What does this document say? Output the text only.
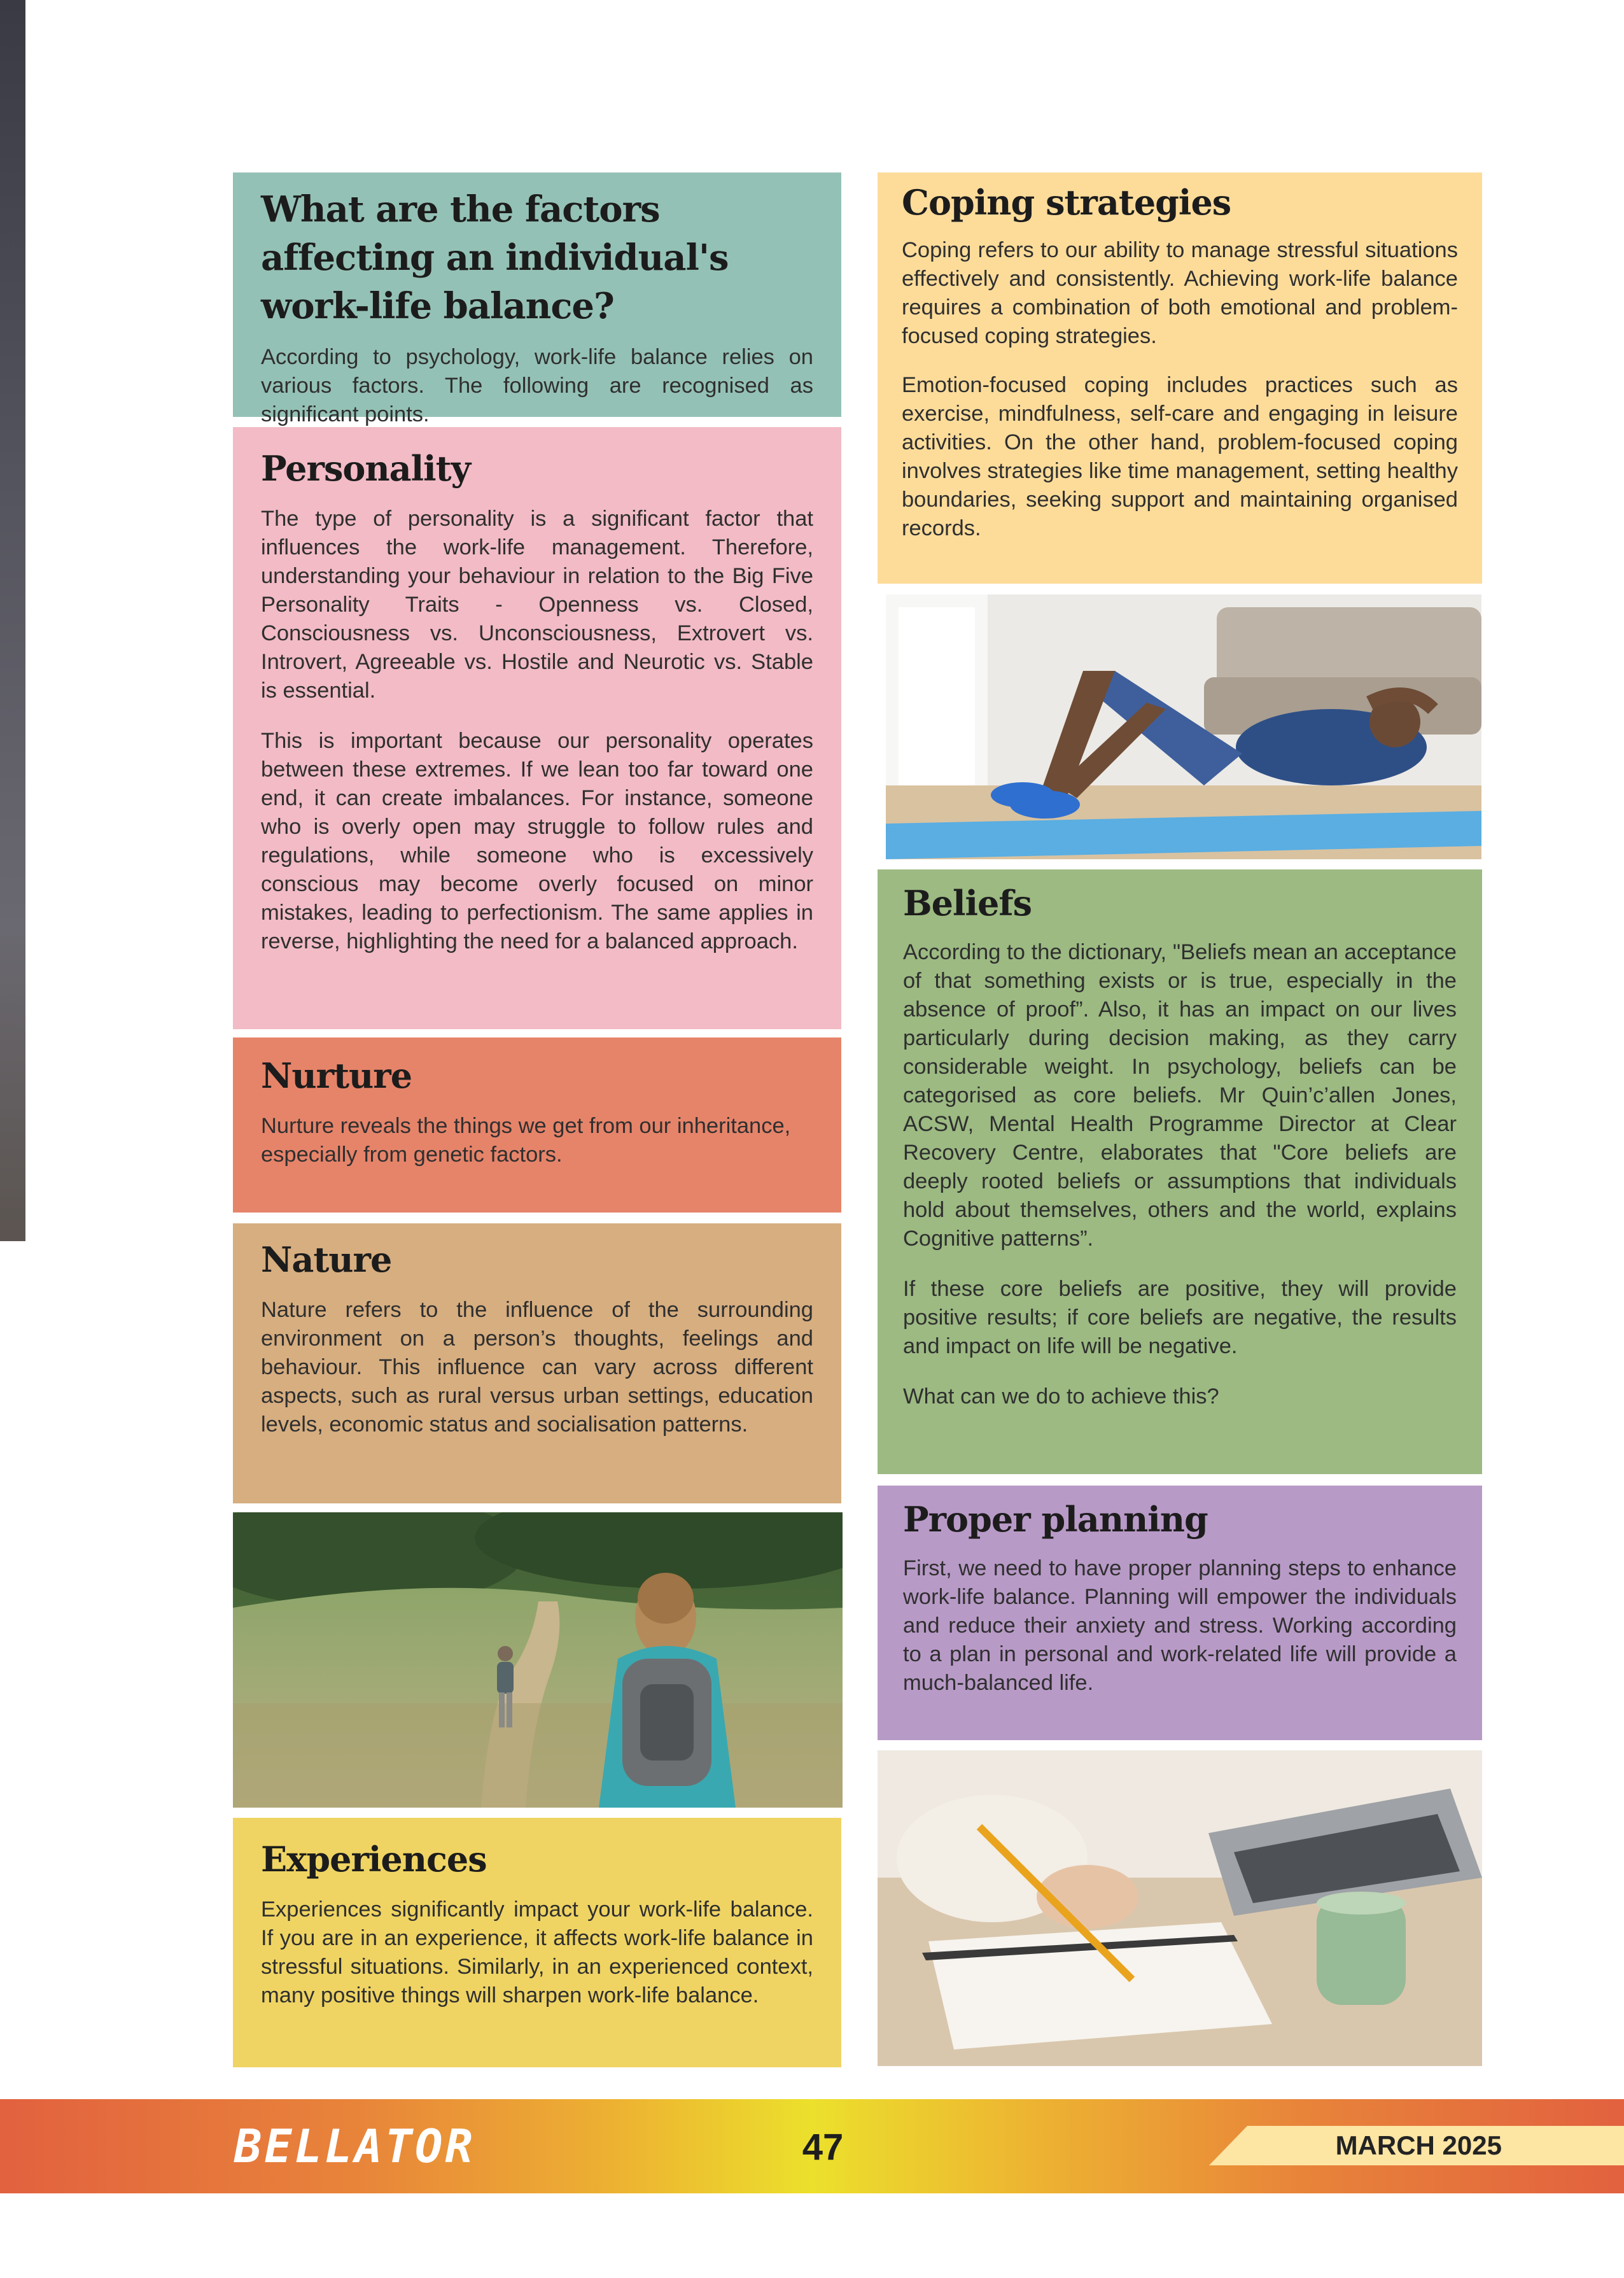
What are the factors affecting an individual's work-life balance?

According to psychology, work-life balance relies on various factors. The following are recognised as significant points.

Personality

The type of personality is a significant factor that influences the work-life management. Therefore, understanding your behaviour in relation to the Big Five Personality Traits - Openness vs. Closed, Consciousness vs. Unconsciousness, Extrovert vs. Introvert, Agreeable vs. Hostile and Neurotic vs. Stable is essential.

This is important because our personality operates between these extremes. If we lean too far toward one end, it can create imbalances. For instance, someone who is overly open may struggle to follow rules and regulations, while someone who is excessively conscious may become overly focused on minor mistakes, leading to perfectionism. The same applies in reverse, highlighting the need for a balanced approach.

Nurture

Nurture reveals the things we get from our inheritance, especially from genetic factors.

Nature

Nature refers to the influence of the surrounding environment on a person’s thoughts, feelings and behaviour. This influence can vary across different aspects, such as rural versus urban settings, education levels, economic status and socialisation patterns.

Experiences

Experiences significantly impact your work-life balance. If you are in an experience, it affects work-life balance in stressful situations. Similarly, in an experienced context, many positive things will sharpen work-life balance.

Coping strategies

Coping refers to our ability to manage stressful situations effectively and consistently. Achieving work-life balance requires a combination of both emotional and problem-focused coping strategies.

Emotion-focused coping includes practices such as exercise, mindfulness, self-care and engaging in leisure activities. On the other hand, problem-focused coping involves strategies like time management, setting healthy boundaries, seeking support and maintaining organised records.

Beliefs

According to the dictionary, "Beliefs mean an acceptance of that something exists or is true, especially in the absence of proof”. Also, it has an impact on our lives particularly during decision making, as they carry considerable weight. In psychology, beliefs can be categorised as core beliefs. Mr Quin’c’allen Jones, ACSW, Mental Health Programme Director at Clear Recovery Centre, elaborates that "Core beliefs are deeply rooted beliefs or assumptions that individuals hold about themselves, others and the world, explains Cognitive patterns”.

If these core beliefs are positive, they will provide positive results; if core beliefs are negative, the results and impact on life will be negative.

What can we do to achieve this?

Proper planning

First, we need to have proper planning steps to enhance work-life balance. Planning will empower the individuals and reduce their anxiety and stress. Working according to a plan in personal and work-related life will provide a much-balanced life.

BELLATOR	47	MARCH 2025
